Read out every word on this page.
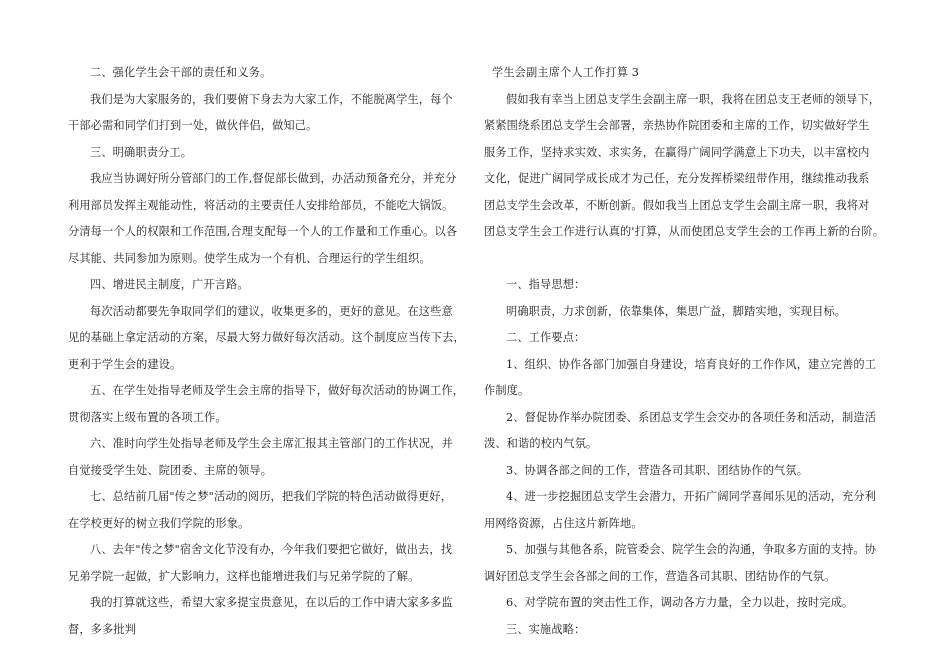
二、强化学生会干部的责任和义务。
我们是为大家服务的，我们要俯下身去为大家工作，不能脱离学生，每个
干部必需和同学们打到一处，做伙伴侣，做知己。
三、明确职责分工。
我应当协调好所分管部门的工作,督促部长做到，办活动预备充分，并充分
利用部员发挥主观能动性，将活动的主要责任人安排给部员，不能吃大锅饭。
分清每一个人的权限和工作范围,合理支配每一个人的工作量和工作重心。以各
尽其能、共同参加为原则。使学生成为一个有机、合理运行的学生组织。
四、增进民主制度，广开言路。
每次活动都要先争取同学们的建议，收集更多的，更好的意见。在这些意
见的基础上拿定活动的方案，尽最大努力做好每次活动。这个制度应当传下去，
更利于学生会的建设。
五、在学生处指导老师及学生会主席的指导下，做好每次活动的协调工作，
贯彻落实上级布置的各项工作。
六、准时向学生处指导老师及学生会主席汇报其主管部门的工作状况，并
自觉接受学生处、院团委、主席的领导。
七、总结前几届"传之梦"活动的阅历，把我们学院的特色活动做得更好，
在学校更好的树立我们学院的形象。
八、去年"传之梦"宿舍文化节没有办，今年我们要把它做好，做出去，找
兄弟学院一起做，扩大影响力，这样也能增进我们与兄弟学院的了解。
我的打算就这些，希望大家多提宝贵意见，在以后的工作中请大家多多监
督，多多批判
学生会副主席个人工作打算 3
假如我有幸当上团总支学生会副主席一职，我将在团总支王老师的领导下，
紧紧围绕系团总支学生会部署，亲热协作院团委和主席的工作，切实做好学生
服务工作，坚持求实效、求实务，在赢得广阔同学满意上下功夫，以丰富校内
文化，促进广阔同学成长成才为己任，充分发挥桥梁纽带作用，继续推动我系
团总支学生会改革，不断创新。假如我当上团总支学生会副主席一职，我将对
团总支学生会工作进行认真的'打算，从而使团总支学生会的工作再上新的台阶。
一、指导思想：
明确职责，力求创新，依靠集体，集思广益，脚踏实地，实现目标。
二、工作要点：
1、组织、协作各部门加强自身建设，培育良好的工作作风，建立完善的工
作制度。
2、督促协作举办院团委、系团总支学生会交办的各项任务和活动，制造活
泼、和谐的校内气氛。
3、协调各部之间的工作，营造各司其职、团结协作的气氛。
4、进一步挖掘团总支学生会潜力，开拓广阔同学喜闻乐见的活动，充分利
用网络资源，占住这片新阵地。
5、加强与其他各系，院管委会、院学生会的沟通，争取多方面的支持。协
调好团总支学生会各部之间的工作，营造各司其职、团结协作的气氛。
6、对学院布置的突击性工作，调动各方力量，全力以赴，按时完成。
三、实施战略：
